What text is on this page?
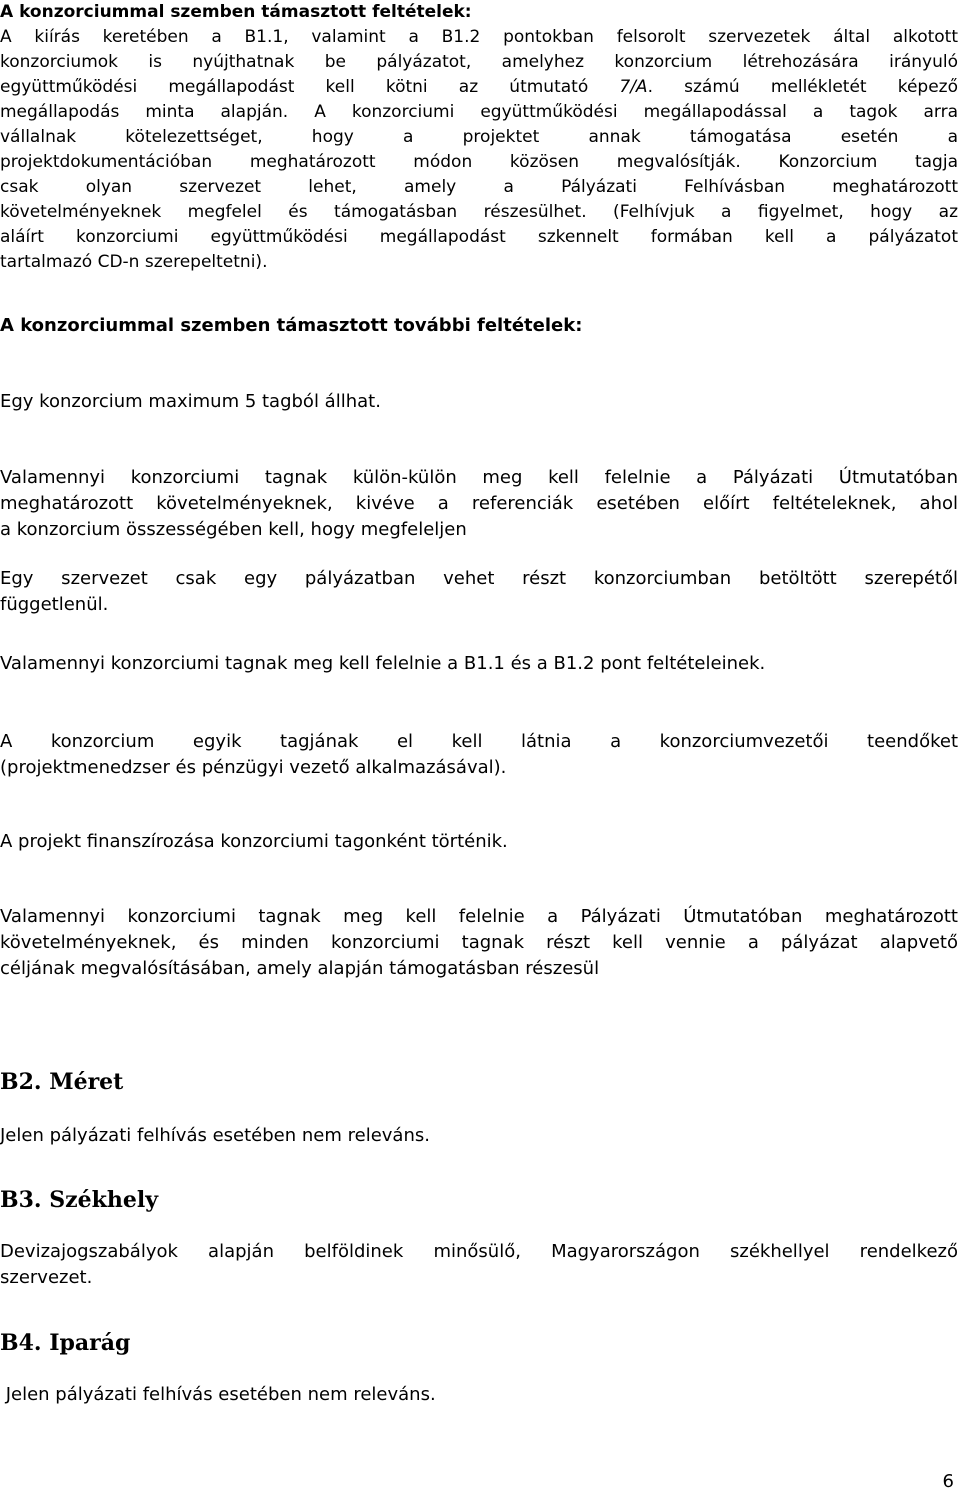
A konzorciummal szemben támasztott feltételek:
A kiírás keretében a B1.1, valamint a B1.2 pontokban felsorolt szervezetek által alkotott
konzorciumok is nyújthatnak be pályázatot, amelyhez konzorcium létrehozására irányuló
együttműködési megállapodást kell kötni az útmutató 7/A. számú mellékletét képező
megállapodás minta alapján. A konzorciumi együttműködési megállapodással a tagok arra
vállalnak kötelezettséget, hogy a projektet annak támogatása esetén a
projektdokumentációban meghatározott módon közösen megvalósítják. Konzorcium tagja
csak olyan szervezet lehet, amely a Pályázati Felhívásban meghatározott
követelményeknek megfelel és támogatásban részesülhet. (Felhívjuk a figyelmet, hogy az
aláírt konzorciumi együttműködési megállapodást szkennelt formában kell a pályázatot
tartalmazó CD-n szerepeltetni).
A konzorciummal szemben támasztott további feltételek:
Egy konzorcium maximum 5 tagból állhat.
Valamennyi konzorciumi tagnak külön-külön meg kell felelnie a Pályázati Útmutatóban
meghatározott követelményeknek, kivéve a referenciák esetében előírt feltételeknek, ahol
a konzorcium összességében kell, hogy megfeleljen
Egy szervezet csak egy pályázatban vehet részt konzorciumban betöltött szerepétől
függetlenül.
Valamennyi konzorciumi tagnak meg kell felelnie a B1.1 és a B1.2 pont feltételeinek.
A konzorcium egyik tagjának el kell látnia a konzorciumvezetői teendőket
(projektmenedzser és pénzügyi vezető alkalmazásával).
A projekt finanszírozása konzorciumi tagonként történik.
Valamennyi konzorciumi tagnak meg kell felelnie a Pályázati Útmutatóban meghatározott
követelményeknek, és minden konzorciumi tagnak részt kell vennie a pályázat alapvető
céljának megvalósításában, amely alapján támogatásban részesül
B2. Méret
Jelen pályázati felhívás esetében nem releváns.
B3. Székhely
Devizajogszabályok alapján belföldinek minősülő, Magyarországon székhellyel rendelkező
szervezet.
B4. Iparág
Jelen pályázati felhívás esetében nem releváns.
6
